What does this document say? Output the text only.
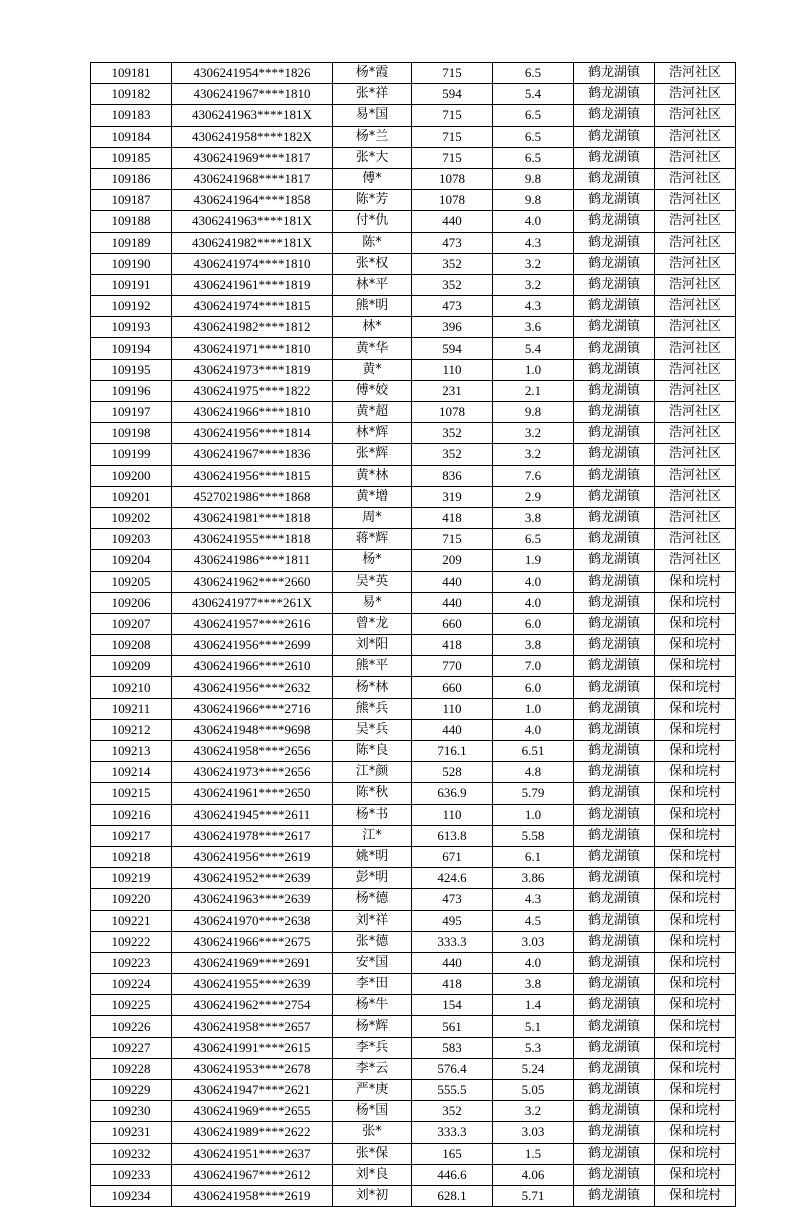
109181	4306241954****1826	杨*霞	715	6.5	鹤龙湖镇	浩河社区
109182	4306241967****1810	张*祥	594	5.4	鹤龙湖镇	浩河社区
109183	4306241963****181X	易*国	715	6.5	鹤龙湖镇	浩河社区
109184	4306241958****182X	杨*兰	715	6.5	鹤龙湖镇	浩河社区
109185	4306241969****1817	张*大	715	6.5	鹤龙湖镇	浩河社区
109186	4306241968****1817	傅*	1078	9.8	鹤龙湖镇	浩河社区
109187	4306241964****1858	陈*芳	1078	9.8	鹤龙湖镇	浩河社区
109188	4306241963****181X	付*仇	440	4.0	鹤龙湖镇	浩河社区
109189	4306241982****181X	陈*	473	4.3	鹤龙湖镇	浩河社区
109190	4306241974****1810	张*权	352	3.2	鹤龙湖镇	浩河社区
109191	4306241961****1819	林*平	352	3.2	鹤龙湖镇	浩河社区
109192	4306241974****1815	熊*明	473	4.3	鹤龙湖镇	浩河社区
109193	4306241982****1812	林*	396	3.6	鹤龙湖镇	浩河社区
109194	4306241971****1810	黄*华	594	5.4	鹤龙湖镇	浩河社区
109195	4306241973****1819	黄*	110	1.0	鹤龙湖镇	浩河社区
109196	4306241975****1822	傅*姣	231	2.1	鹤龙湖镇	浩河社区
109197	4306241966****1810	黄*超	1078	9.8	鹤龙湖镇	浩河社区
109198	4306241956****1814	林*辉	352	3.2	鹤龙湖镇	浩河社区
109199	4306241967****1836	张*辉	352	3.2	鹤龙湖镇	浩河社区
109200	4306241956****1815	黄*林	836	7.6	鹤龙湖镇	浩河社区
109201	4527021986****1868	黄*增	319	2.9	鹤龙湖镇	浩河社区
109202	4306241981****1818	周*	418	3.8	鹤龙湖镇	浩河社区
109203	4306241955****1818	蒋*辉	715	6.5	鹤龙湖镇	浩河社区
109204	4306241986****1811	杨*	209	1.9	鹤龙湖镇	浩河社区
109205	4306241962****2660	吴*英	440	4.0	鹤龙湖镇	保和垸村
109206	4306241977****261X	易*	440	4.0	鹤龙湖镇	保和垸村
109207	4306241957****2616	曾*龙	660	6.0	鹤龙湖镇	保和垸村
109208	4306241956****2699	刘*阳	418	3.8	鹤龙湖镇	保和垸村
109209	4306241966****2610	熊*平	770	7.0	鹤龙湖镇	保和垸村
109210	4306241956****2632	杨*林	660	6.0	鹤龙湖镇	保和垸村
109211	4306241966****2716	熊*兵	110	1.0	鹤龙湖镇	保和垸村
109212	4306241948****9698	吴*兵	440	4.0	鹤龙湖镇	保和垸村
109213	4306241958****2656	陈*良	716.1	6.51	鹤龙湖镇	保和垸村
109214	4306241973****2656	江*颜	528	4.8	鹤龙湖镇	保和垸村
109215	4306241961****2650	陈*秋	636.9	5.79	鹤龙湖镇	保和垸村
109216	4306241945****2611	杨*书	110	1.0	鹤龙湖镇	保和垸村
109217	4306241978****2617	江*	613.8	5.58	鹤龙湖镇	保和垸村
109218	4306241956****2619	姚*明	671	6.1	鹤龙湖镇	保和垸村
109219	4306241952****2639	彭*明	424.6	3.86	鹤龙湖镇	保和垸村
109220	4306241963****2639	杨*德	473	4.3	鹤龙湖镇	保和垸村
109221	4306241970****2638	刘*祥	495	4.5	鹤龙湖镇	保和垸村
109222	4306241966****2675	张*德	333.3	3.03	鹤龙湖镇	保和垸村
109223	4306241969****2691	安*国	440	4.0	鹤龙湖镇	保和垸村
109224	4306241955****2639	李*田	418	3.8	鹤龙湖镇	保和垸村
109225	4306241962****2754	杨*牛	154	1.4	鹤龙湖镇	保和垸村
109226	4306241958****2657	杨*辉	561	5.1	鹤龙湖镇	保和垸村
109227	4306241991****2615	李*兵	583	5.3	鹤龙湖镇	保和垸村
109228	4306241953****2678	李*云	576.4	5.24	鹤龙湖镇	保和垸村
109229	4306241947****2621	严*庚	555.5	5.05	鹤龙湖镇	保和垸村
109230	4306241969****2655	杨*国	352	3.2	鹤龙湖镇	保和垸村
109231	4306241989****2622	张*	333.3	3.03	鹤龙湖镇	保和垸村
109232	4306241951****2637	张*保	165	1.5	鹤龙湖镇	保和垸村
109233	4306241967****2612	刘*良	446.6	4.06	鹤龙湖镇	保和垸村
109234	4306241958****2619	刘*初	628.1	5.71	鹤龙湖镇	保和垸村
